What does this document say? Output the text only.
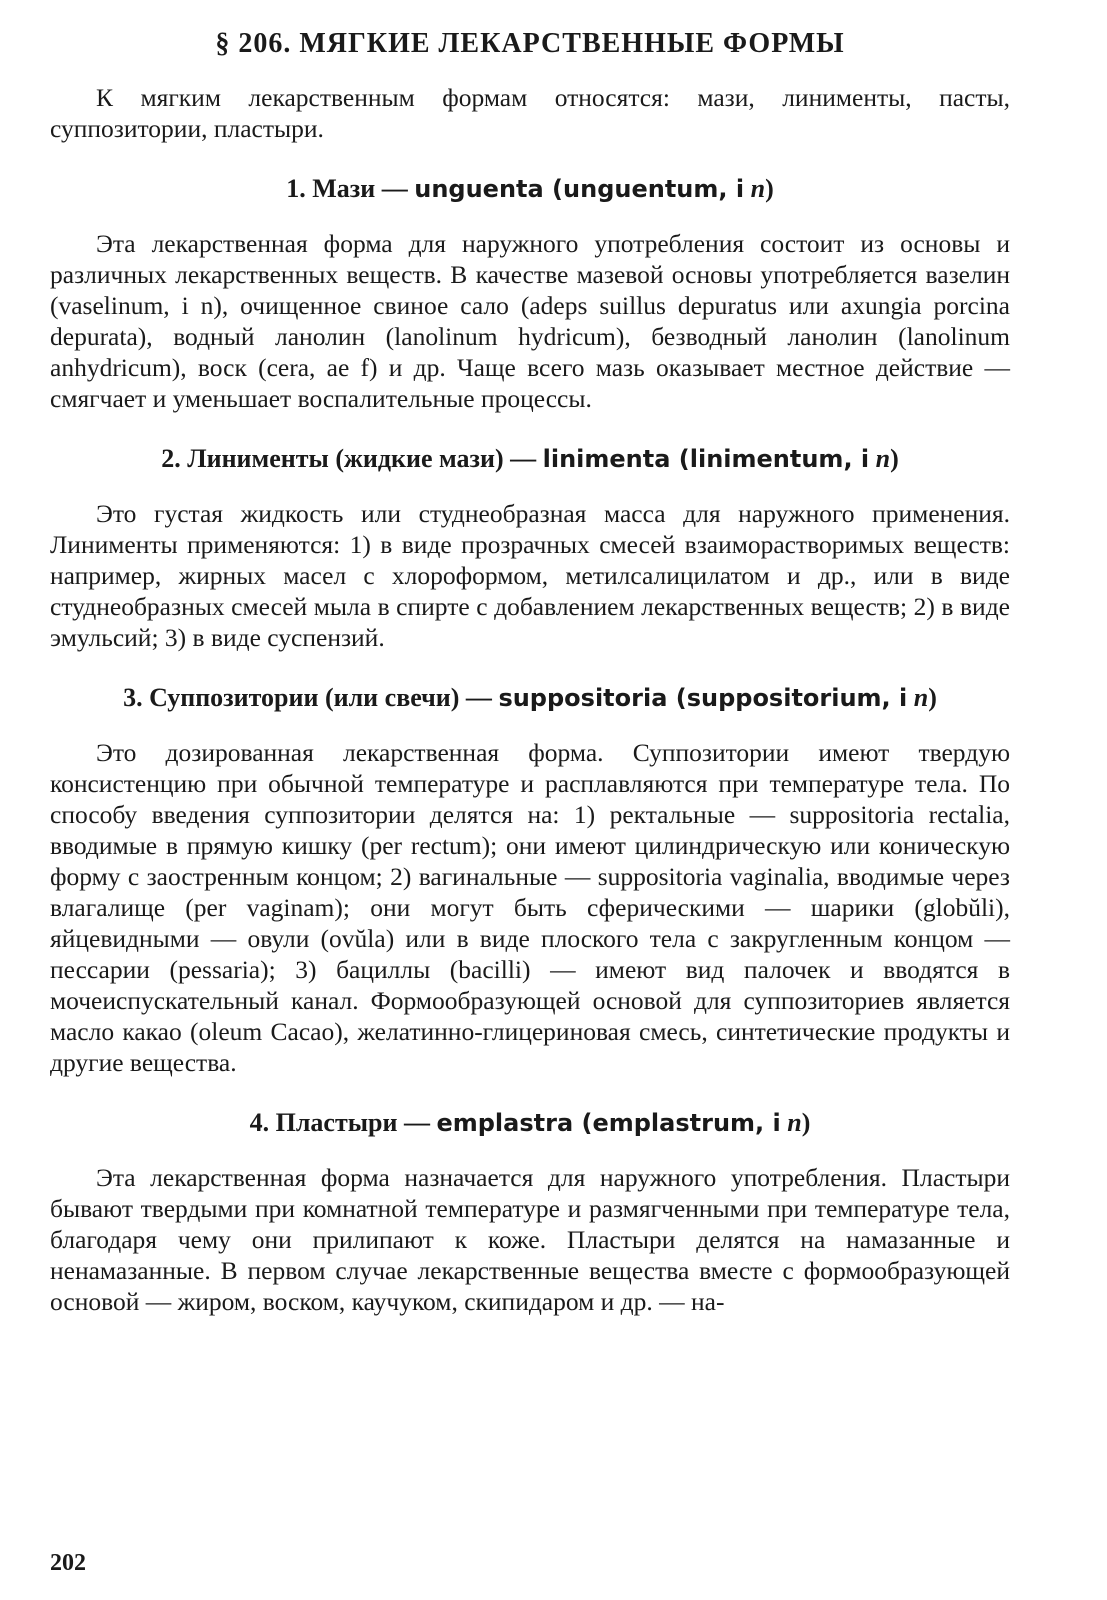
§ 206. МЯГКИЕ ЛЕКАРСТВЕННЫЕ ФОРМЫ

К мягким лекарственным формам относятся: мази, линименты, пасты, суппозитории, пластыри.

1. Мази — unguenta (unguentum, i n)

Эта лекарственная форма для наружного употребления состоит из основы и различных лекарственных веществ. В качестве мазевой основы употребляется вазелин (vaselinum, i n), очищенное свиное сало (adeps suillus depuratus или axungia porcina depurata), водный ланолин (lanolinum hydricum), безводный ланолин (lanolinum anhydricum), воск (cera, ae f) и др. Чаще всего мазь оказывает местное действие — смягчает и уменьшает воспалительные процессы.

2. Линименты (жидкие мази) — linimenta (linimentum, i n)

Это густая жидкость или студнеобразная масса для наружного применения. Линименты применяются: 1) в виде прозрачных смесей взаиморастворимых веществ: например, жирных масел с хлороформом, метилсалицилатом и др., или в виде студнеобразных смесей мыла в спирте с добавлением лекарственных веществ; 2) в виде эмульсий; 3) в виде суспензий.

3. Суппозитории (или свечи) — suppositoria (suppositorium, i n)

Это дозированная лекарственная форма. Суппозитории имеют твердую консистенцию при обычной температуре и расплавляются при температуре тела. По способу введения суппозитории делятся на: 1) ректальные — suppositoria rectalia, вводимые в прямую кишку (per rectum); они имеют цилиндрическую или коническую форму с заостренным концом; 2) вагинальные — suppositoria vaginalia, вводимые через влагалище (per vaginam); они могут быть сферическими — шарики (globŭli), яйцевидными — овули (ovŭla) или в виде плоского тела с закругленным концом — пессарии (pessaria); 3) бациллы (bacilli) — имеют вид палочек и вводятся в мочеиспускательный канал. Формообразующей основой для суппозиториев является масло какао (oleum Cacao), желатинно-глицериновая смесь, синтетические продукты и другие вещества.

4. Пластыри — emplastra (emplastrum, i n)

Эта лекарственная форма назначается для наружного употребления. Пластыри бывают твердыми при комнатной температуре и размягченными при температуре тела, благодаря чему они прилипают к коже. Пластыри делятся на намазанные и ненамазанные. В первом случае лекарственные вещества вместе с формообразующей основой — жиром, воском, каучуком, скипидаром и др. — на-

202
